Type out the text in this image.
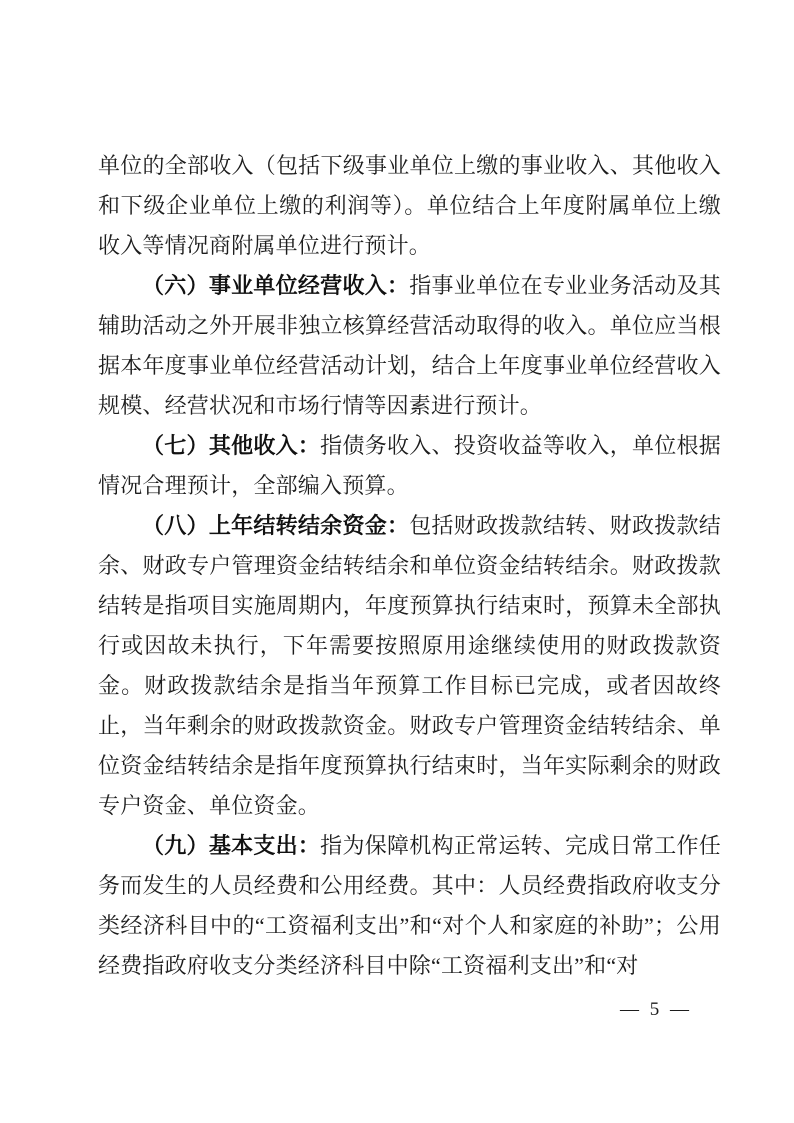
单位的全部收入（包括下级事业单位上缴的事业收入、其他收入和下级企业单位上缴的利润等）。单位结合上年度附属单位上缴收入等情况商附属单位进行预计。

（六）事业单位经营收入：指事业单位在专业业务活动及其辅助活动之外开展非独立核算经营活动取得的收入。单位应当根据本年度事业单位经营活动计划，结合上年度事业单位经营收入规模、经营状况和市场行情等因素进行预计。

（七）其他收入：指债务收入、投资收益等收入，单位根据情况合理预计，全部编入预算。

（八）上年结转结余资金：包括财政拨款结转、财政拨款结余、财政专户管理资金结转结余和单位资金结转结余。财政拨款结转是指项目实施周期内，年度预算执行结束时，预算未全部执行或因故未执行，下年需要按照原用途继续使用的财政拨款资金。财政拨款结余是指当年预算工作目标已完成，或者因故终止，当年剩余的财政拨款资金。财政专户管理资金结转结余、单位资金结转结余是指年度预算执行结束时，当年实际剩余的财政专户资金、单位资金。

（九）基本支出：指为保障机构正常运转、完成日常工作任务而发生的人员经费和公用经费。其中：人员经费指政府收支分类经济科目中的“工资福利支出”和“对个人和家庭的补助”；公用经费指政府收支分类经济科目中除“工资福利支出”和“对

— 5 —
